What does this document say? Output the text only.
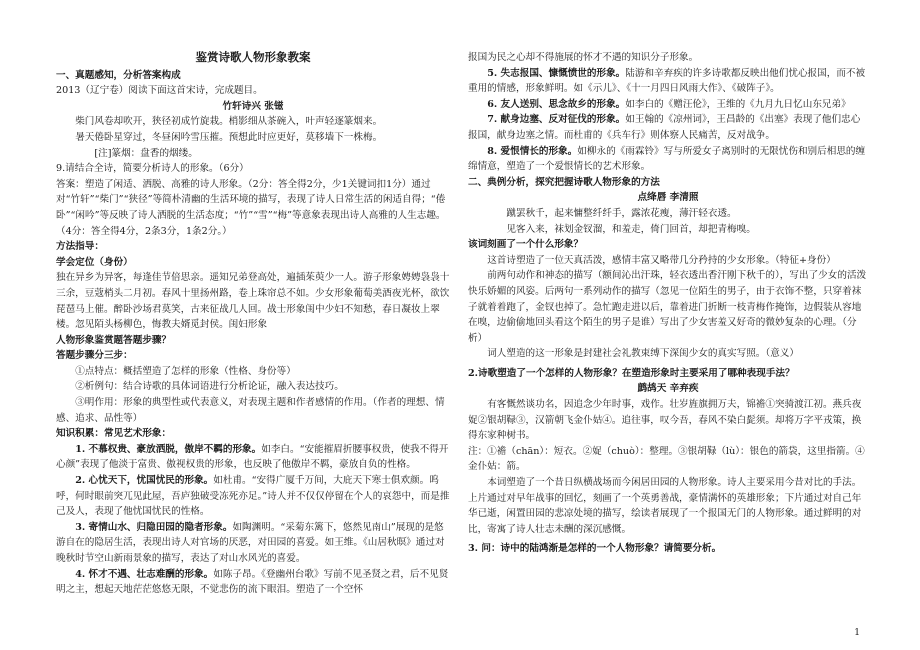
鉴赏诗歌人物形象教案

一、真题感知，分析答案构成

2013（辽宁卷）阅读下面这首宋诗，完成题目。

竹轩诗兴 张镃

柴门风卷却吹开，狭径初成竹旋栽。梢影细从茶碗入，叶声轻逐篆烟来。

暑天倦卧星穿过，冬昼闲吟雪压摧。预想此时应更好，莫移墙下一株梅。

[注]篆烟：盘香的烟缕。

9.请结合全诗，简要分析诗人的形象。（6分）

答案：塑造了闲适、洒脱、高雅的诗人形象。（2分：答全得2分，少1关键词扣1分）通过对“竹轩”“柴门”“狭径”等简朴清幽的生活环境的描写，表现了诗人日常生活的闲适自得；“倦卧”“闲吟”等反映了诗人洒脱的生活态度；“竹”“雪”“梅”等意象表现出诗人高雅的人生志趣。（4分：答全得4分，2条3分，1条2分。）

方法指导：

学会定位（身份）

独在异乡为异客，每逢佳节倍思亲。遥知兄弟登高处，遍插茱萸少一人。游子形象娉娉袅袅十三余，豆蔻梢头二月初。春风十里扬州路，卷上珠帘总不如。少女形象葡萄美酒夜光杯，欲饮琵琶马上催。醉卧沙场君莫笑，古来征战几人回。战士形象闺中少妇不知愁，春日凝妆上翠楼。忽见陌头杨柳色，悔教夫婿觅封侯。闺妇形象

人物形象鉴赏题答题步骤？

答题步骤分三步：

①点特点：概括塑造了怎样的形象（性格、身份等）

②析例句：结合诗歌的具体词语进行分析论证，融入表达技巧。

③明作用：形象的典型性或代表意义，对表现主题和作者感情的作用。（作者的理想、情感、追求、品性等）

知识积累：常见艺术形象：

1. 不慕权贵、豪放洒脱，傲岸不羁的形象。如李白。“安能摧眉折腰事权贵，使我不得开心颜”表现了他淡于富贵、傲视权贵的形象，也反映了他傲岸不羁，豪放自负的性格。

2. 心忧天下，忧国忧民的形象。如杜甫。“安得广厦千万间，大庇天下寒士俱欢颜。呜呼，何时眼前突兀见此屋，吾庐独破受冻死亦足。”诗人并不仅仅停留在个人的哀怨中，而是推己及人，表现了他忧国忧民的性格。

3. 寄情山水、归隐田园的隐者形象。如陶渊明。“采菊东篱下，悠然见南山”展现的是悠游自在的隐居生活，表现出诗人对官场的厌恶，对田园的喜爱。如王维。《山居秋暝》通过对晚秋时节空山新雨景象的描写，表达了对山水风光的喜爱。

4. 怀才不遇、壮志难酬的形象。如陈子昂。《登幽州台歌》写前不见圣贤之君，后不见贤明之主，想起天地茫茫悠悠无限，不觉悲伤的流下眼泪。塑造了一个空怀

报国为民之心却不得施展的怀才不遇的知识分子形象。

5. 失志报国、慷慨愤世的形象。陆游和辛弃疾的许多诗歌都反映出他们忧心报国，而不被重用的情感，形象鲜明。如《示儿》、《十一月四日风雨大作》、《破阵子》。

6. 友人送别、思念故乡的形象。如李白的《赠汪伦》，王维的《九月九日忆山东兄弟》

7. 献身边塞、反对征伐的形象。如王翰的《凉州词》，王昌龄的《出塞》表现了他们忠心报国，献身边塞之情。而杜甫的《兵车行》则体察人民痛苦，反对战争。

8. 爱恨情长的形象。如柳永的《雨霖铃》写与所爱女子离别时的无限忧伤和别后相思的缠绵情意，塑造了一个爱恨情长的艺术形象。

二、典例分析，探究把握诗歌人物形象的方法

点绛唇 李清照

蹴罢秋千，起来慵整纤纤手，露浓花瘦，薄汗轻衣透。

见客入来，袜划金钗溜，和羞走，倚门回首，却把青梅嗅。

该词刻画了一个什么形象？

这首诗塑造了一位天真活泼，感情丰富又略带几分矜持的少女形象。（特征+身份）

前两句动作和神态的描写（额间沁出汗珠，轻衣透出香汗刚下秋千的），写出了少女的活泼快乐娇媚的风姿。后两句一系列动作的描写（忽见一位陌生的男子，由于衣饰不整，只穿着袜子就着着跑了，金钗也掉了。急忙跑走进以后，靠着进门折断一枝青梅作掩饰，边假装从容地在嗅，边偷偷地回头看这个陌生的男子是谁）写出了少女害羞又好奇的微妙复杂的心理。（分析）

词人塑造的这一形象是封建社会礼教束缚下深闺少女的真实写照。（意义）

2.诗歌塑造了一个怎样的人物形象？在塑造形象时主要采用了哪种表现手法？

鹧鸪天 辛弃疾

有客慨然谈功名，因追念少年时事，戏作。壮岁旌旗拥万夫，锦襜①突骑渡江初。燕兵夜娖②银胡䩮③，汉箭朝飞金仆姑④。追往事，叹今吾，春风不染白髭须。却将万字平戎策，换得东家种树书。

注：①襜（chān）：短衣。②娖（chuò）：整理。③银胡䩮（lù）：银色的箭袋，这里指箭。④金仆姑：箭。

本词塑造了一个昔日纵横战场而今闲居田园的人物形象。诗人主要采用今昔对比的手法。上片通过对早年战事的回忆，刻画了一个英勇善战，豪情满怀的英雄形象；下片通过对自己年华已逝，闲置田园的悲凉处境的描写，绘读者展现了一个报国无门的人物形象。通过鲜明的对比，寄寓了诗人壮志未酬的深沉感慨。

3. 问：诗中的陆鸿渐是怎样的一个人物形象？请简要分析。

1
